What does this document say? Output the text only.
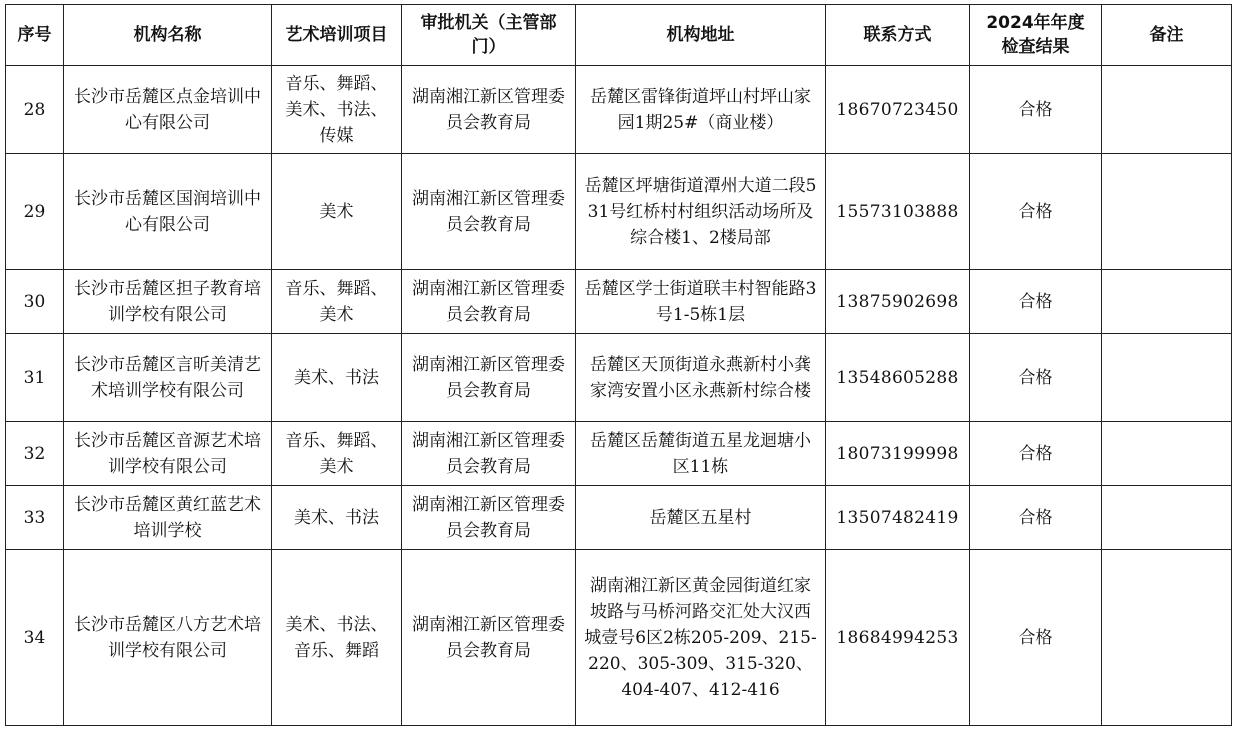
序号	机构名称	艺术培训项目	审批机关（主管部门）	机构地址	联系方式	2024年年度检查结果	备注
28	长沙市岳麓区点金培训中心有限公司	音乐、舞蹈、美术、书法、传媒	湖南湘江新区管理委员会教育局	岳麓区雷锋街道坪山村坪山家园1期25#（商业楼）	18670723450	合格	
29	长沙市岳麓区国润培训中心有限公司	美术	湖南湘江新区管理委员会教育局	岳麓区坪塘街道潭州大道二段531号红桥村村组织活动场所及综合楼1、2楼局部	15573103888	合格	
30	长沙市岳麓区担子教育培训学校有限公司	音乐、舞蹈、美术	湖南湘江新区管理委员会教育局	岳麓区学士街道联丰村智能路3号1-5栋1层	13875902698	合格	
31	长沙市岳麓区言昕美清艺术培训学校有限公司	美术、书法	湖南湘江新区管理委员会教育局	岳麓区天顶街道永燕新村小龚家湾安置小区永燕新村综合楼	13548605288	合格	
32	长沙市岳麓区音源艺术培训学校有限公司	音乐、舞蹈、美术	湖南湘江新区管理委员会教育局	岳麓区岳麓街道五星龙迴塘小区11栋	18073199998	合格	
33	长沙市岳麓区黄红蓝艺术培训学校	美术、书法	湖南湘江新区管理委员会教育局	岳麓区五星村	13507482419	合格	
34	长沙市岳麓区八方艺术培训学校有限公司	美术、书法、音乐、舞蹈	湖南湘江新区管理委员会教育局	湖南湘江新区黄金园街道红家坡路与马桥河路交汇处大汉西城壹号6区2栋205-209、215-220、305-309、315-320、404-407、412-416	18684994253	合格	
